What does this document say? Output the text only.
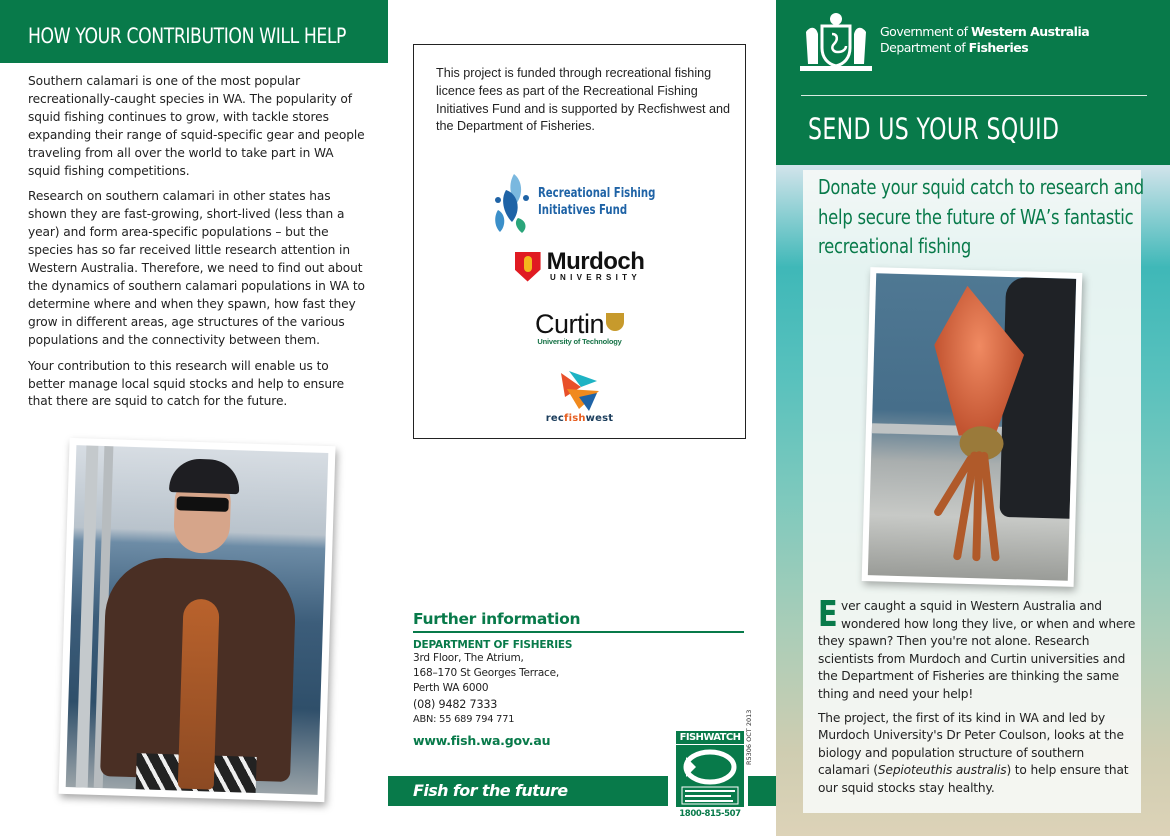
HOW YOUR CONTRIBUTION WILL HELP

Southern calamari is one of the most popular recreationally-caught species in WA. The popularity of squid fishing continues to grow, with tackle stores expanding their range of squid-specific gear and people traveling from all over the world to take part in WA squid fishing competitions.

Research on southern calamari in other states has shown they are fast-growing, short-lived (less than a year) and form area-specific populations – but the species has so far received little research attention in Western Australia. Therefore, we need to find out about the dynamics of southern calamari populations in WA to determine where and when they spawn, how fast they grow in different areas, age structures of the various populations and the connectivity between them.

Your contribution to this research will enable us to better manage local squid stocks and help to ensure that there are squid to catch for the future.

This project is funded through recreational fishing licence fees as part of the Recreational Fishing Initiatives Fund and is supported by Recfishwest and the Department of Fisheries.

Recreational Fishing
Initiatives Fund
Murdoch
UNIVERSITY
Curtin
University of Technology
recfishwest
Further information
DEPARTMENT OF FISHERIES
3rd Floor, The Atrium,
168–170 St Georges Terrace,
Perth WA 6000
(08) 9482 7333
ABN: 55 689 794 771
www.fish.wa.gov.au
Fish for the future
FISHWATCH
1800-815-507
R5306 OCT 2013
Government of Western Australia
Department of Fisheries
SEND US YOUR SQUID
Donate your squid catch to research and help secure the future of WA’s fantastic recreational fishing

Ever caught a squid in Western Australia and wondered how long they live, or when and where they spawn? Then you're not alone. Research scientists from Murdoch and Curtin universities and the Department of Fisheries are thinking the same thing and need your help!

The project, the first of its kind in WA and led by Murdoch University's Dr Peter Coulson, looks at the biology and population structure of southern calamari (Sepioteuthis australis) to help ensure that our squid stocks stay healthy.
